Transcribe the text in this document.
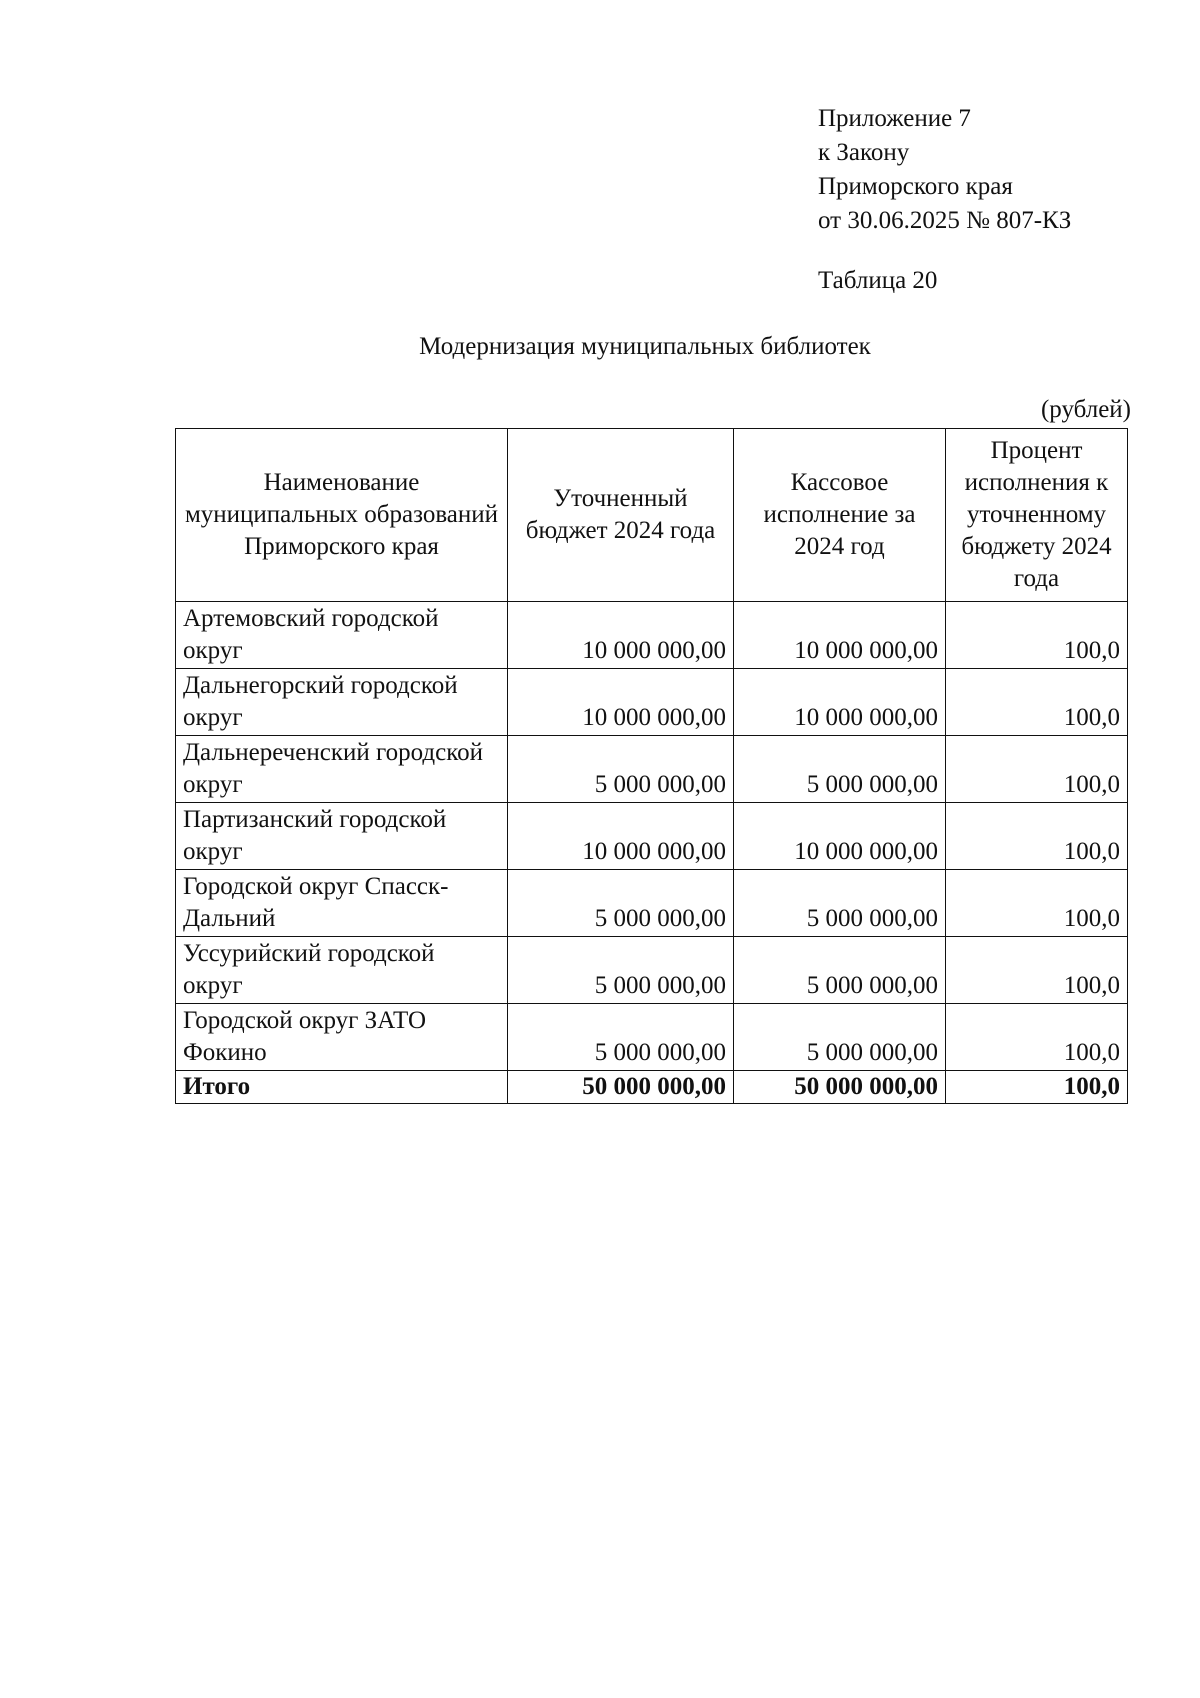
Приложение 7
к Закону
Приморского края
от 30.06.2025 № 807-КЗ
Таблица 20
Модернизация муниципальных библиотек
(рублей)
Наименование муниципальных образований Приморского края	Уточненный бюджет 2024 года	Кассовое исполнение за 2024 год	Процент исполнения к уточненному бюджету 2024 года
Артемовский городской округ	10 000 000,00	10 000 000,00	100,0
Дальнегорский городской округ	10 000 000,00	10 000 000,00	100,0
Дальнереченский городской округ	5 000 000,00	5 000 000,00	100,0
Партизанский городской округ	10 000 000,00	10 000 000,00	100,0
Городской округ Спасск-Дальний	5 000 000,00	5 000 000,00	100,0
Уссурийский городской округ	5 000 000,00	5 000 000,00	100,0
Городской округ ЗАТО Фокино	5 000 000,00	5 000 000,00	100,0
Итого	50 000 000,00	50 000 000,00	100,0
